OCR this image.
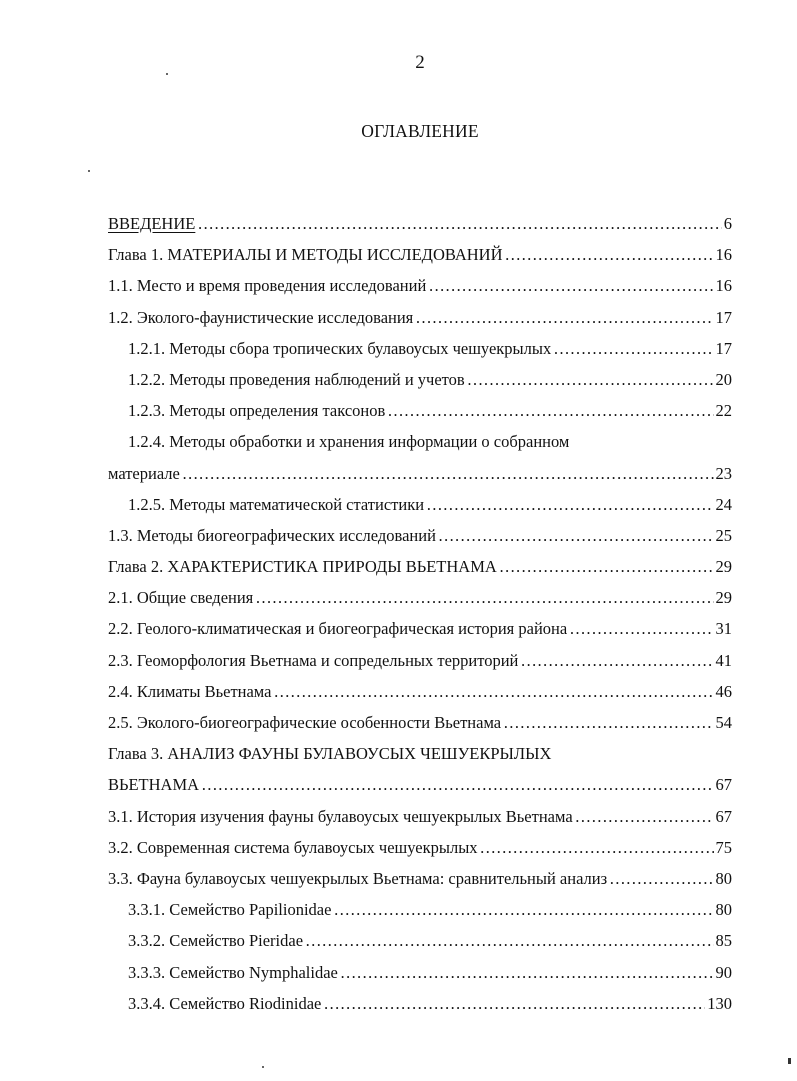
2
ОГЛАВЛЕНИЕ
ВВЕДЕНИЕ ……………………………………………………………………………………………………………………………………………………………………………………	6
Глава 1. МАТЕРИАЛЫ И МЕТОДЫ ИССЛЕДОВАНИЙ ……………………………………………………………………………………………………………………………………………………………………………………	16
1.1. Место и время проведения исследований ……………………………………………………………………………………………………………………………………………………………………………………	16
1.2. Эколого-фаунистические исследования ……………………………………………………………………………………………………………………………………………………………………………………	17
1.2.1. Методы сбора тропических булавоусых чешуекрылых ……………………………………………………………………………………………………………………………………………………………………………………	17
1.2.2. Методы проведения наблюдений и учетов ……………………………………………………………………………………………………………………………………………………………………………………	20
1.2.3. Методы определения таксонов ……………………………………………………………………………………………………………………………………………………………………………………	22
1.2.4. Методы обработки и хранения информации о собранном
материале ……………………………………………………………………………………………………………………………………………………………………………………	23
1.2.5. Методы математической статистики ……………………………………………………………………………………………………………………………………………………………………………………	24
1.3. Методы биогеографических исследований ……………………………………………………………………………………………………………………………………………………………………………………	25
Глава 2. ХАРАКТЕРИСТИКА ПРИРОДЫ ВЬЕТНАМА ……………………………………………………………………………………………………………………………………………………………………………………	29
2.1. Общие сведения ……………………………………………………………………………………………………………………………………………………………………………………	29
2.2. Геолого-климатическая и биогеографическая история района ……………………………………………………………………………………………………………………………………………………………………………………	31
2.3. Геоморфология Вьетнама и сопредельных территорий ……………………………………………………………………………………………………………………………………………………………………………………	41
2.4. Климаты Вьетнама ……………………………………………………………………………………………………………………………………………………………………………………	46
2.5. Эколого-биогеографические особенности Вьетнама ……………………………………………………………………………………………………………………………………………………………………………………	54
Глава 3. АНАЛИЗ ФАУНЫ БУЛАВОУСЫХ ЧЕШУЕКРЫЛЫХ
ВЬЕТНАМА ……………………………………………………………………………………………………………………………………………………………………………………	67
3.1. История изучения фауны булавоусых чешуекрылых Вьетнама ……………………………………………………………………………………………………………………………………………………………………………………	67
3.2. Современная система булавоусых чешуекрылых ……………………………………………………………………………………………………………………………………………………………………………………	75
3.3. Фауна булавоусых чешуекрылых Вьетнама: сравнительный анализ ……………………………………………………………………………………………………………………………………………………………………………………	80
3.3.1. Семейство Papilionidae ……………………………………………………………………………………………………………………………………………………………………………………	80
3.3.2. Семейство Pieridae ……………………………………………………………………………………………………………………………………………………………………………………	85
3.3.3. Семейство Nymphalidae ……………………………………………………………………………………………………………………………………………………………………………………	90
3.3.4. Семейство Riodinidae ……………………………………………………………………………………………………………………………………………………………………………………	130
